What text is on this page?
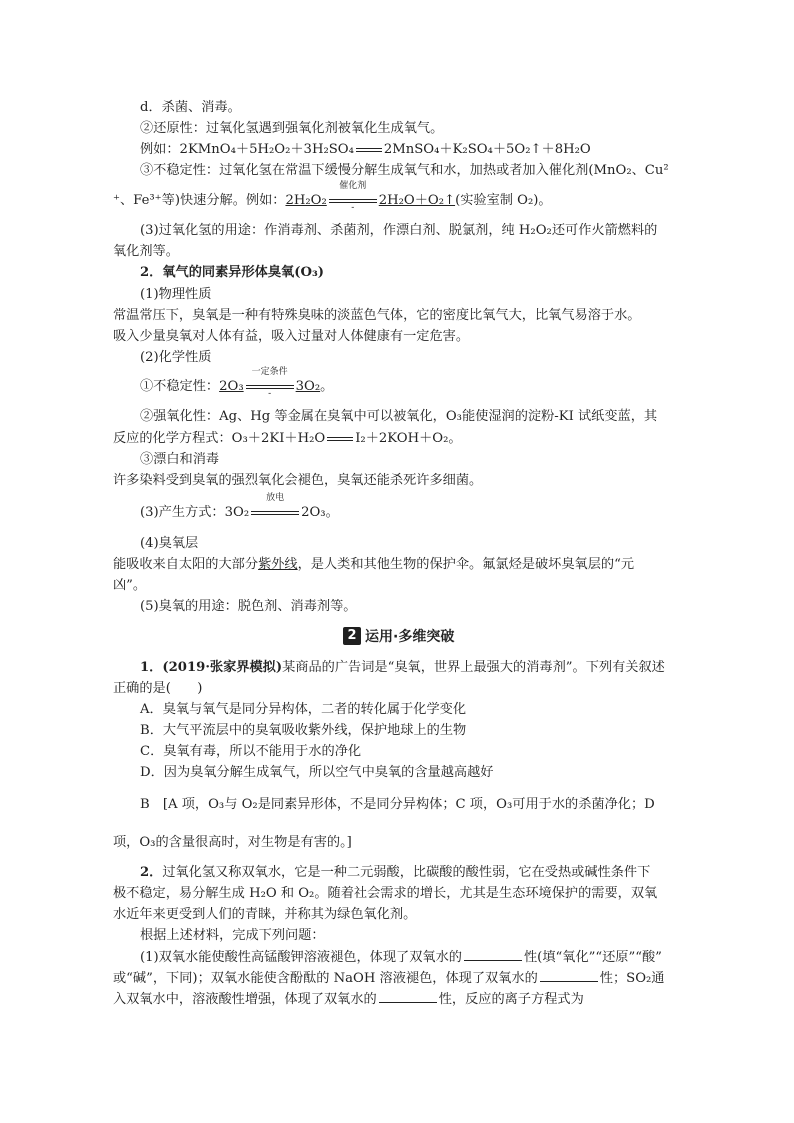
d．杀菌、消毒。
②还原性：过氧化氢遇到强氧化剂被氧化生成氧气。
例如：2KMnO₄＋5H₂O₂＋3H₂SO₄ 2MnSO₄＋K₂SO₄＋5O₂↑＋8H₂O
③不稳定性：过氧化氢在常温下缓慢分解生成氧气和水，加热或者加入催化剂(MnO₂、Cu²
⁺、Fe³⁺等)快速分解。例如：2H₂O₂
催化剂
-	2H₂O＋O₂↑(实验室制 O₂)。
(3)过氧化氢的用途：作消毒剂、杀菌剂，作漂白剂、脱氯剂，纯 H₂O₂还可作火箭燃料的
氧化剂等。
2．氧气的同素异形体臭氧(O₃)
(1)物理性质
常温常压下，臭氧是一种有特殊臭味的淡蓝色气体，它的密度比氧气大，比氧气易溶于水。
吸入少量臭氧对人体有益，吸入过量对人体健康有一定危害。
(2)化学性质
①不稳定性：2O₃
一定条件
-	3O₂。
②强氧化性：Ag、Hg 等金属在臭氧中可以被氧化，O₃能使湿润的淀粉-KI 试纸变蓝，其
反应的化学方程式：O₃＋2KI＋H₂O I₂＋2KOH＋O₂。
③漂白和消毒
许多染料受到臭氧的强烈氧化会褪色，臭氧还能杀死许多细菌。
(3)产生方式：3O₂
放电
2O₃。
(4)臭氧层
能吸收来自太阳的大部分紫外线，是人类和其他生物的保护伞。氟氯烃是破坏臭氧层的“元
凶”。
(5)臭氧的用途：脱色剂、消毒剂等。
2 运用·多维突破
1．(2019·张家界模拟)某商品的广告词是“臭氧，世界上最强大的消毒剂”。下列有关叙述
正确的是(　　)
A．臭氧与氧气是同分异构体，二者的转化属于化学变化
B．大气平流层中的臭氧吸收紫外线，保护地球上的生物
C．臭氧有毒，所以不能用于水的净化
D．因为臭氧分解生成氧气，所以空气中臭氧的含量越高越好
B　[A 项，O₃与 O₂是同素异形体，不是同分异构体；C 项，O₃可用于水的杀菌净化；D
项，O₃的含量很高时，对生物是有害的。]
2．过氧化氢又称双氧水，它是一种二元弱酸，比碳酸的酸性弱，它在受热或碱性条件下
极不稳定，易分解生成 H₂O 和 O₂。随着社会需求的增长，尤其是生态环境保护的需要，双氧
水近年来更受到人们的青睐，并称其为绿色氧化剂。
根据上述材料，完成下列问题：
(1)双氧水能使酸性高锰酸钾溶液褪色，体现了双氧水的	性(填“氧化”“还原”“酸”
或“碱”，下同)；双氧水能使含酚酞的 NaOH 溶液褪色，体现了双氧水的	性；SO₂通
入双氧水中，溶液酸性增强，体现了双氧水的	性，反应的离子方程式为
